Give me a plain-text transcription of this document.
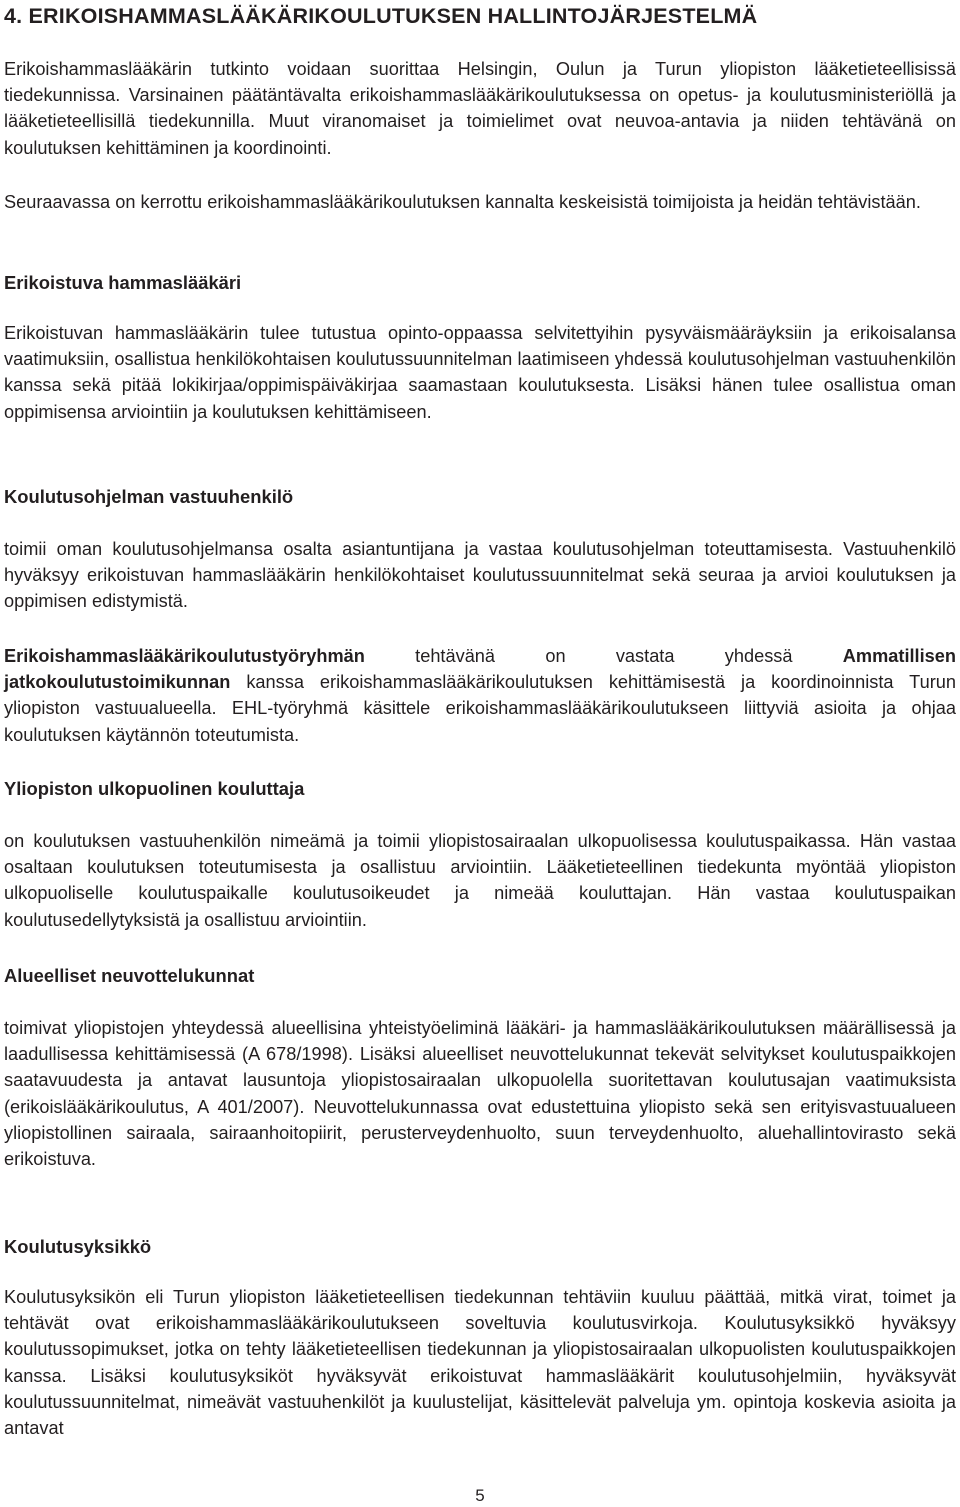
4. ERIKOISHAMMASLÄÄKÄRIKOULUTUKSEN HALLINTOJÄRJESTELMÄ

Erikoishammaslääkärin tutkinto voidaan suorittaa Helsingin, Oulun ja Turun yliopiston lääketieteellisissä tiedekunnissa. Varsinainen päätäntävalta erikoishammaslääkärikoulutuksessa on opetus- ja koulutusministeriöllä ja lääketieteellisillä tiedekunnilla. Muut viranomaiset ja toimielimet ovat neuvoa-antavia ja niiden tehtävänä on koulutuksen kehittäminen ja koordinointi.

Seuraavassa on kerrottu erikoishammaslääkärikoulutuksen kannalta keskeisistä toimijoista ja heidän tehtävistään.

Erikoistuva hammaslääkäri

Erikoistuvan hammaslääkärin tulee tutustua opinto-oppaassa selvitettyihin pysyväismääräyksiin ja erikoisalansa vaatimuksiin, osallistua henkilökohtaisen koulutussuunnitelman laatimiseen yhdessä koulutusohjelman vastuuhenkilön kanssa sekä pitää lokikirjaa/oppimispäiväkirjaa saamastaan koulutuksesta. Lisäksi hänen tulee osallistua oman oppimisensa arviointiin ja koulutuksen kehittämiseen.

Koulutusohjelman vastuuhenkilö

toimii oman koulutusohjelmansa osalta asiantuntijana ja vastaa koulutusohjelman toteuttamisesta. Vastuuhenkilö hyväksyy erikoistuvan hammaslääkärin henkilökohtaiset koulutussuunnitelmat sekä seuraa ja arvioi koulutuksen ja oppimisen edistymistä.

Erikoishammaslääkärikoulutustyöryhmän tehtävänä on vastata yhdessä Ammatillisen jatkokoulutustoimikunnan kanssa erikoishammaslääkärikoulutuksen kehittämisestä ja koordinoinnista Turun yliopiston vastuualueella. EHL-työryhmä käsittele erikoishammaslääkärikoulutukseen liittyviä asioita ja ohjaa koulutuksen käytännön toteutumista.

Yliopiston ulkopuolinen kouluttaja

on koulutuksen vastuuhenkilön nimeämä ja toimii yliopistosairaalan ulkopuolisessa koulutuspaikassa. Hän vastaa osaltaan koulutuksen toteutumisesta ja osallistuu arviointiin. Lääketieteellinen tiedekunta myöntää yliopiston ulkopuoliselle koulutuspaikalle koulutusoikeudet ja nimeää kouluttajan. Hän vastaa koulutuspaikan koulutusedellytyksistä ja osallistuu arviointiin.

Alueelliset neuvottelukunnat

toimivat yliopistojen yhteydessä alueellisina yhteistyöeliminä lääkäri- ja hammaslääkärikoulutuksen määrällisessä ja laadullisessa kehittämisessä (A 678/1998). Lisäksi alueelliset neuvottelukunnat tekevät selvitykset koulutuspaikkojen saatavuudesta ja antavat lausuntoja yliopistosairaalan ulkopuolella suoritettavan koulutusajan vaatimuksista (erikoislääkärikoulutus, A 401/2007). Neuvottelukunnassa ovat edustettuina yliopisto sekä sen erityisvastuualueen yliopistollinen sairaala, sairaanhoitopiirit, perusterveydenhuolto, suun terveydenhuolto, aluehallintovirasto sekä erikoistuva.

Koulutusyksikkö

Koulutusyksikön eli Turun yliopiston lääketieteellisen tiedekunnan tehtäviin kuuluu päättää, mitkä virat, toimet ja tehtävät ovat erikoishammaslääkärikoulutukseen soveltuvia koulutusvirkoja. Koulutusyksikkö hyväksyy koulutussopimukset, jotka on tehty lääketieteellisen tiedekunnan ja yliopistosairaalan ulkopuolisten koulutuspaikkojen kanssa. Lisäksi koulutusyksiköt hyväksyvät erikoistuvat hammaslääkärit koulutusohjelmiin, hyväksyvät koulutussuunnitelmat, nimeävät vastuuhenkilöt ja kuulustelijat, käsittelevät palveluja ym. opintoja koskevia asioita ja antavat

5
